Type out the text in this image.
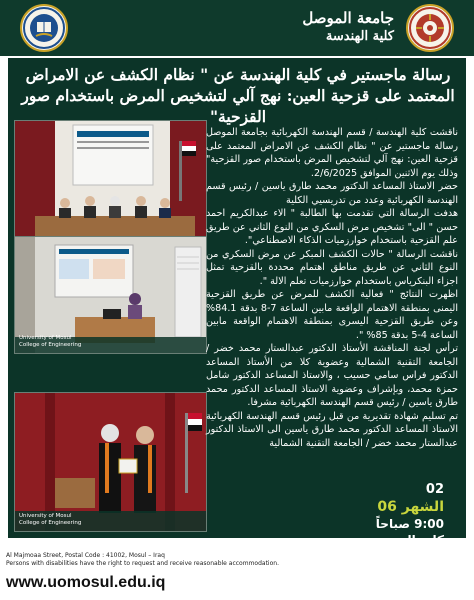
جامعة الموصل
كلية الهندسة
رسالة ماجستير في كلية الهندسة عن " نظام الكشف عن الامراض المعتمد على قزحية العين: نهج آلي لتشخيص المرض باستخدام صور القزحية"
University of Mosul
College of Engineering
University of Mosul
College of Engineering

ناقشت كلية الهندسة / قسم الهندسة الكهربائية بجامعة الموصل رسالة ماجستير عن " نظام الكشف عن الامراض المعتمد على قزحية العين: نهج آلي لتشخيص المرض باستخدام صور القزحية" وذلك يوم الاثنين الموافق 2/6/2025.

حضر الاستاذ المساعد الدكتور محمد طارق ياسين / رئيس قسم الهندسة الكهربائية وعدد من تدريسيي الكلية

هدفت الرسالة التي تقدمت بها الطالبة " الاء عبدالكريم احمد حسن " الى" تشخيص مرض السكري من النوع الثاني عن طريق علم القزحية باستخدام خوارزميات الذكاء الاصطناعي".

ناقشت الرسالة " حالات الكشف المبكر عن مرض السكري من النوع الثاني عن طريق مناطق اهتمام محددة بالقزحية تمثل اجزاء البنكرياس باستخدام خوارزميات تعلم الالة ".

اظهرت النتائج " فعالية الكشف للمرض عن طريق القزحية اليمنى بمنطقة الاهتمام الواقعة مابين الساعة 7-8 بدقة 84.1% وعن طريق القزحية اليسرى بمنطقة الاهتمام الواقعة مابين الساعة 4-5 بدقة 85% ".

ترأس لجنة المناقشة الأستاذ الدكتور عبدالستار محمد خضر / الجامعة التقنية الشمالية وعضوية كلا من الأستاذ المساعد الدكتور فراس سامي حسيب ، والاستاذ المساعد الدكتور شامل حمزة محمد، وبإشراف وعضوية الاستاذ المساعد الدكتور محمد طارق ياسين / رئيس قسم الهندسة الكهربائية مشرفا.

تم تسليم شهادة تقديرية من قبل رئيس قسم الهندسة الكهربائية الاستاذ المساعد الدكتور محمد طارق ياسين الى الاستاذ الدكتور عبدالستار محمد خضر / الجامعة التقنية الشمالية

02
الشهر 06
9:00 صباحاً
كلية الهندسة
Al Majmoaa Street, Postal Code : 41002, Mosul – Iraq
Persons with disabilities have the right to request and receive reasonable accommodation.
www.uomosul.edu.iq
